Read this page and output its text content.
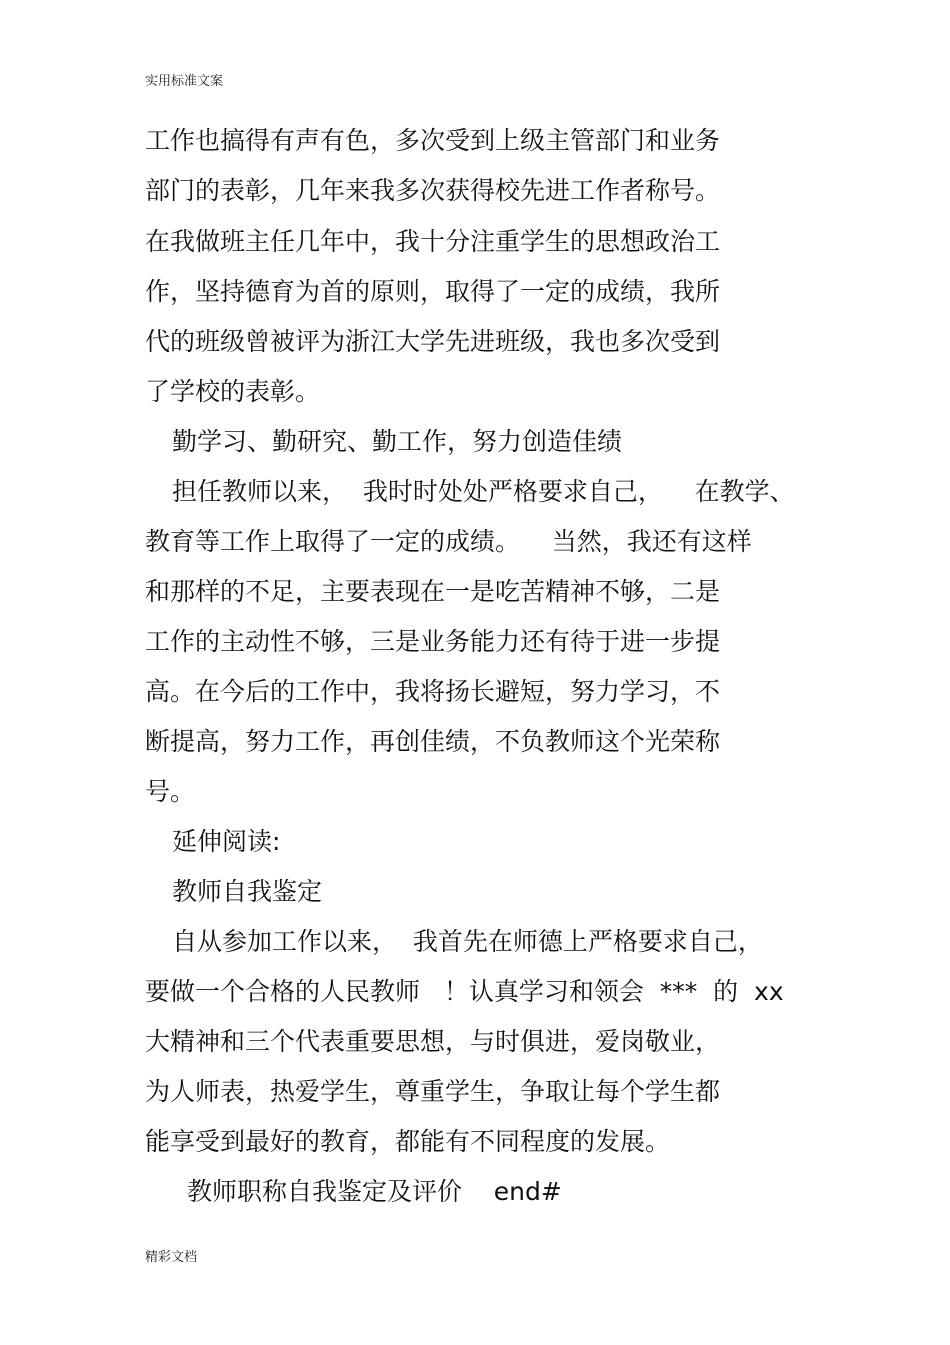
实用标准文案
工作也搞得有声有色，多次受到上级主管部门和业务
部门的表彰，几年来我多次获得校先进工作者称号。
在我做班主任几年中，我十分注重学生的思想政治工
作，坚持德育为首的原则，取得了一定的成绩，我所
代的班级曾被评为浙江大学先进班级，我也多次受到
了学校的表彰。
勤学习、勤研究、勤工作，努力创造佳绩
担任教师以来，  我时时处处严格要求自己，    在教学、
教育等工作上取得了一定的成绩。    当然，我还有这样
和那样的不足，主要表现在一是吃苦精神不够，二是
工作的主动性不够，三是业务能力还有待于进一步提
高。在今后的工作中，我将扬长避短，努力学习，不
断提高，努力工作，再创佳绩，不负教师这个光荣称
号。
延伸阅读:
教师自我鉴定
自从参加工作以来，  我首先在师德上严格要求自己，
要做一个合格的人民教师   ！认真学习和领会  ***  的  xx
大精神和三个代表重要思想，与时俱进，爱岗敬业，
为人师表，热爱学生，尊重学生，争取让每个学生都
能享受到最好的教育，都能有不同程度的发展。
教师职称自我鉴定及评价    end#
精彩文档
